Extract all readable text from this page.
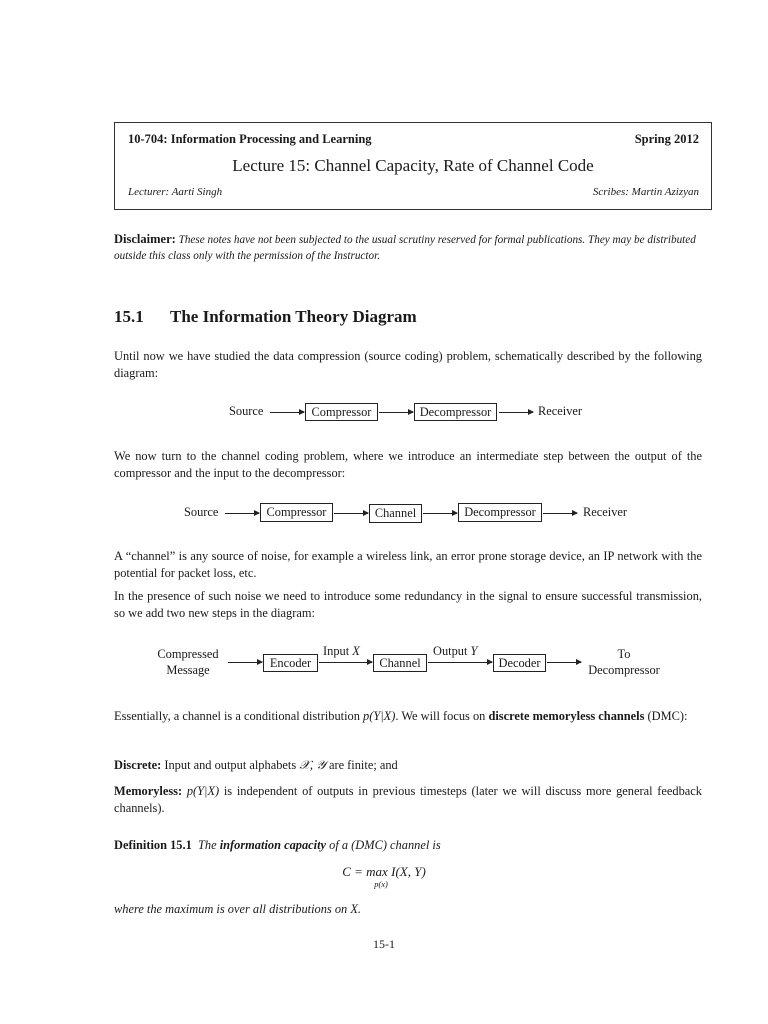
10-704: Information Processing and Learning	Spring 2012
Lecture 15: Channel Capacity, Rate of Channel Code
Lecturer: Aarti Singh	Scribes: Martin Azizyan
Disclaimer: These notes have not been subjected to the usual scrutiny reserved for formal publications. They may be distributed outside this class only with the permission of the Instructor.
15.1 The Information Theory Diagram
Until now we have studied the data compression (source coding) problem, schematically described by the following diagram:
Source	Compressor	Decompressor	Receiver
We now turn to the channel coding problem, where we introduce an intermediate step between the output of the compressor and the input to the decompressor:
Source	Compressor	Channel	Decompressor	Receiver
A “channel” is any source of noise, for example a wireless link, an error prone storage device, an IP network with the potential for packet loss, etc.
In the presence of such noise we need to introduce some redundancy in the signal to ensure successful transmission, so we add two new steps in the diagram:
Compressed
Message	Encoder
Input X
Channel
Output Y
Decoder
To
Decompressor
Essentially, a channel is a conditional distribution p(Y|X). We will focus on discrete memoryless channels (DMC):
Discrete: Input and output alphabets 𝒳, 𝒴 are finite; and
Memoryless: p(Y|X) is independent of outputs in previous timesteps (later we will discuss more general feedback channels).
Definition 15.1 The information capacity of a (DMC) channel is
C = max
p(x)
I(X, Y)
where the maximum is over all distributions on X.
15-1
